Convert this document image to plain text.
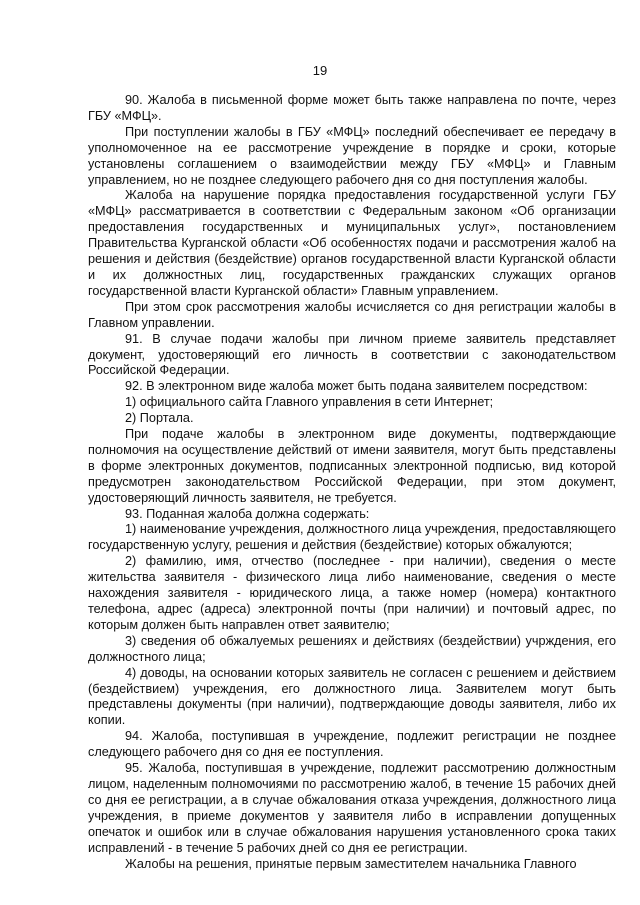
19

90. Жалоба в письменной форме может быть также направлена по почте, через ГБУ «МФЦ».

При поступлении жалобы в ГБУ «МФЦ» последний обеспечивает ее передачу в уполномоченное на ее рассмотрение учреждение в порядке и сроки, которые установлены соглашением о взаимодействии между ГБУ «МФЦ» и Главным управлением, но не позднее следующего рабочего дня со дня поступления жалобы.

Жалоба на нарушение порядка предоставления государственной услуги ГБУ «МФЦ» рассматривается в соответствии с Федеральным законом «Об организации предоставления государственных и муниципальных услуг», постановлением Правительства Курганской области «Об особенностях подачи и рассмотрения жалоб на решения и действия (бездействие) органов государственной власти Курганской области и их должностных лиц, государственных гражданских служащих органов государственной власти Курганской области» Главным управлением.

При этом срок рассмотрения жалобы исчисляется со дня регистрации жалобы в Главном управлении.

91. В случае подачи жалобы при личном приеме заявитель представляет документ, удостоверяющий его личность в соответствии с законодательством Российской Федерации.

92. В электронном виде жалоба может быть подана заявителем посредством:

1) официального сайта Главного управления в сети Интернет;

2) Портала.

При подаче жалобы в электронном виде документы, подтверждающие полномочия на осуществление действий от имени заявителя, могут быть представлены в форме электронных документов, подписанных электронной подписью, вид которой предусмотрен законодательством Российской Федерации, при этом документ, удостоверяющий личность заявителя, не требуется.

93. Поданная жалоба должна содержать:

1) наименование учреждения, должностного лица учреждения, предоставляющего государственную услугу, решения и действия (бездействие) которых обжалуются;

2) фамилию, имя, отчество (последнее - при наличии), сведения о месте жительства заявителя - физического лица либо наименование, сведения о месте нахождения заявителя - юридического лица, а также номер (номера) контактного телефона, адрес (адреса) электронной почты (при наличии) и почтовый адрес, по которым должен быть направлен ответ заявителю;

3) сведения об обжалуемых решениях и действиях (бездействии) учрждения, его должностного лица;

4) доводы, на основании которых заявитель не согласен с решением и действием (бездействием) учреждения, его должностного лица. Заявителем могут быть представлены документы (при наличии), подтверждающие доводы заявителя, либо их копии.

94. Жалоба, поступившая в учреждение, подлежит регистрации не позднее следующего рабочего дня со дня ее поступления.

95. Жалоба, поступившая в учреждение, подлежит рассмотрению должностным лицом, наделенным полномочиями по рассмотрению жалоб, в течение 15 рабочих дней со дня ее регистрации, а в случае обжалования отказа учреждения, должностного лица учреждения, в приеме документов у заявителя либо в исправлении допущенных опечаток и ошибок или в случае обжалования нарушения установленного срока таких исправлений - в течение 5 рабочих дней со дня ее регистрации.

Жалобы на решения, принятые первым заместителем начальника Главного
